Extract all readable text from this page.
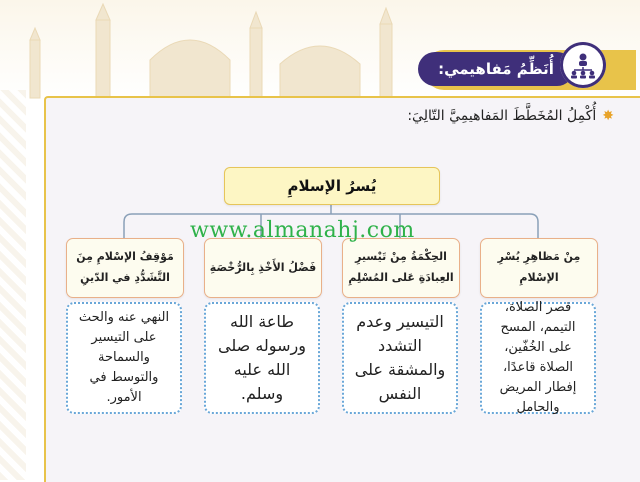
أُنَظِّمُ مَفاهيمي:
✸
أُكْمِلُ المُخَطَّطَ المَفاهيمِيَّ التّالِيَ:
يُسرُ الإسلامِ
مِنْ مَظاهِرِ يُسْرِ الإسْلامِ
الحِكْمَةُ مِنْ تَيْسيرِ العِبادَةِ عَلى المُسْلِمِ
فَضْلُ الأَخْذِ بِالرُّخْصَةِ
مَوْقِفُ الإسْلامِ مِنَ التَّشَدُّدِ في الدّينِ
قصر الصلاة، التيمم، المسح على الخُفّين، الصلاة قاعدًا، إفطار المريض والحامل
التيسير وعدم التشدد والمشقة على النفس
طاعة الله ورسوله صلى الله عليه وسلم.
النهي عنه والحث على التيسير والسماحة والتوسط في الأمور.
www.almanahj.com
